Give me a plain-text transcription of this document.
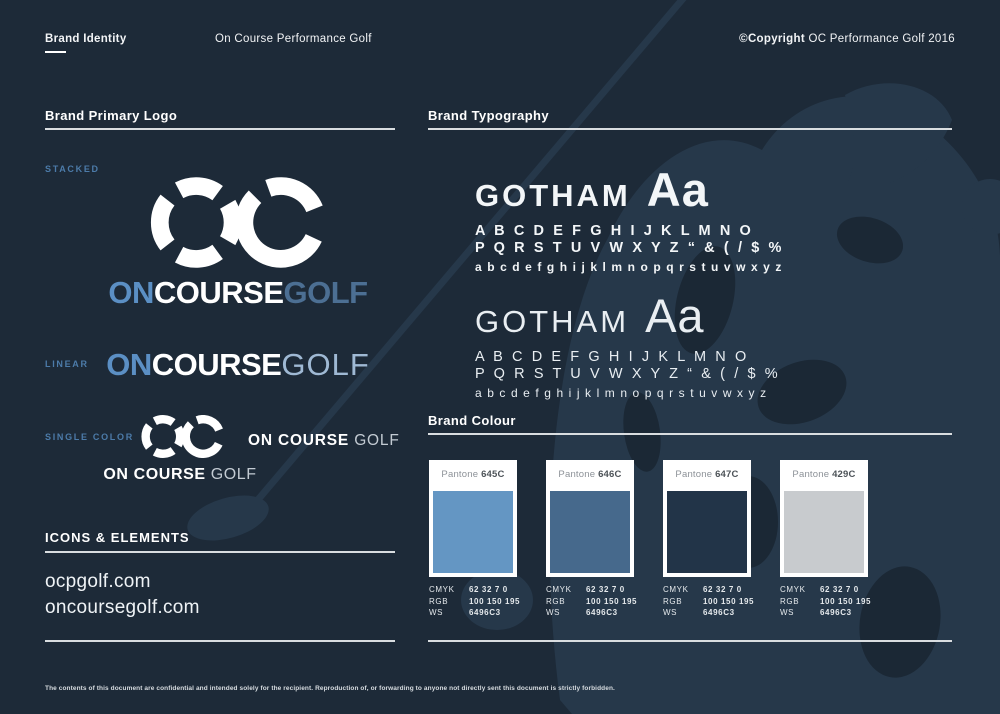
Brand Identity	On Course Performance Golf	©Copyright OC Performance Golf 2016
Brand Primary Logo
STACKED
ONCOURSEGOLF
LINEAR ONCOURSEGOLF
SINGLE COLOR
ON COURSE GOLF
ON COURSE GOLF
ICONS & ELEMENTS
ocpgolf.com
oncoursegolf.com
Brand Typography
GOTHAM Aa
A B C D E F G H I J K L M N O
P Q R S T U V W X Y Z “ & ( / $ %
a b c d e f g h i j k l m n o p q r s t u v w x y z
GOTHAM Aa
A B C D E F G H I J K L M N O
P Q R S T U V W X Y Z “ & ( / $ %
a b c d e f g h i j k l m n o p q r s t u v w x y z
Brand Colour
Pantone 645C
CMYK 62 32 7 0
RGB	100 150 195
WS	6496C3
Pantone 646C
CMYK 62 32 7 0
RGB	100 150 195
WS	6496C3
Pantone 647C
CMYK 62 32 7 0
RGB	100 150 195
WS	6496C3
Pantone 429C
CMYK 62 32 7 0
RGB	100 150 195
WS	6496C3
The contents of this document are confidential and intended solely for the recipient. Reproduction of, or forwarding to anyone not directly sent this document is strictly forbidden.
